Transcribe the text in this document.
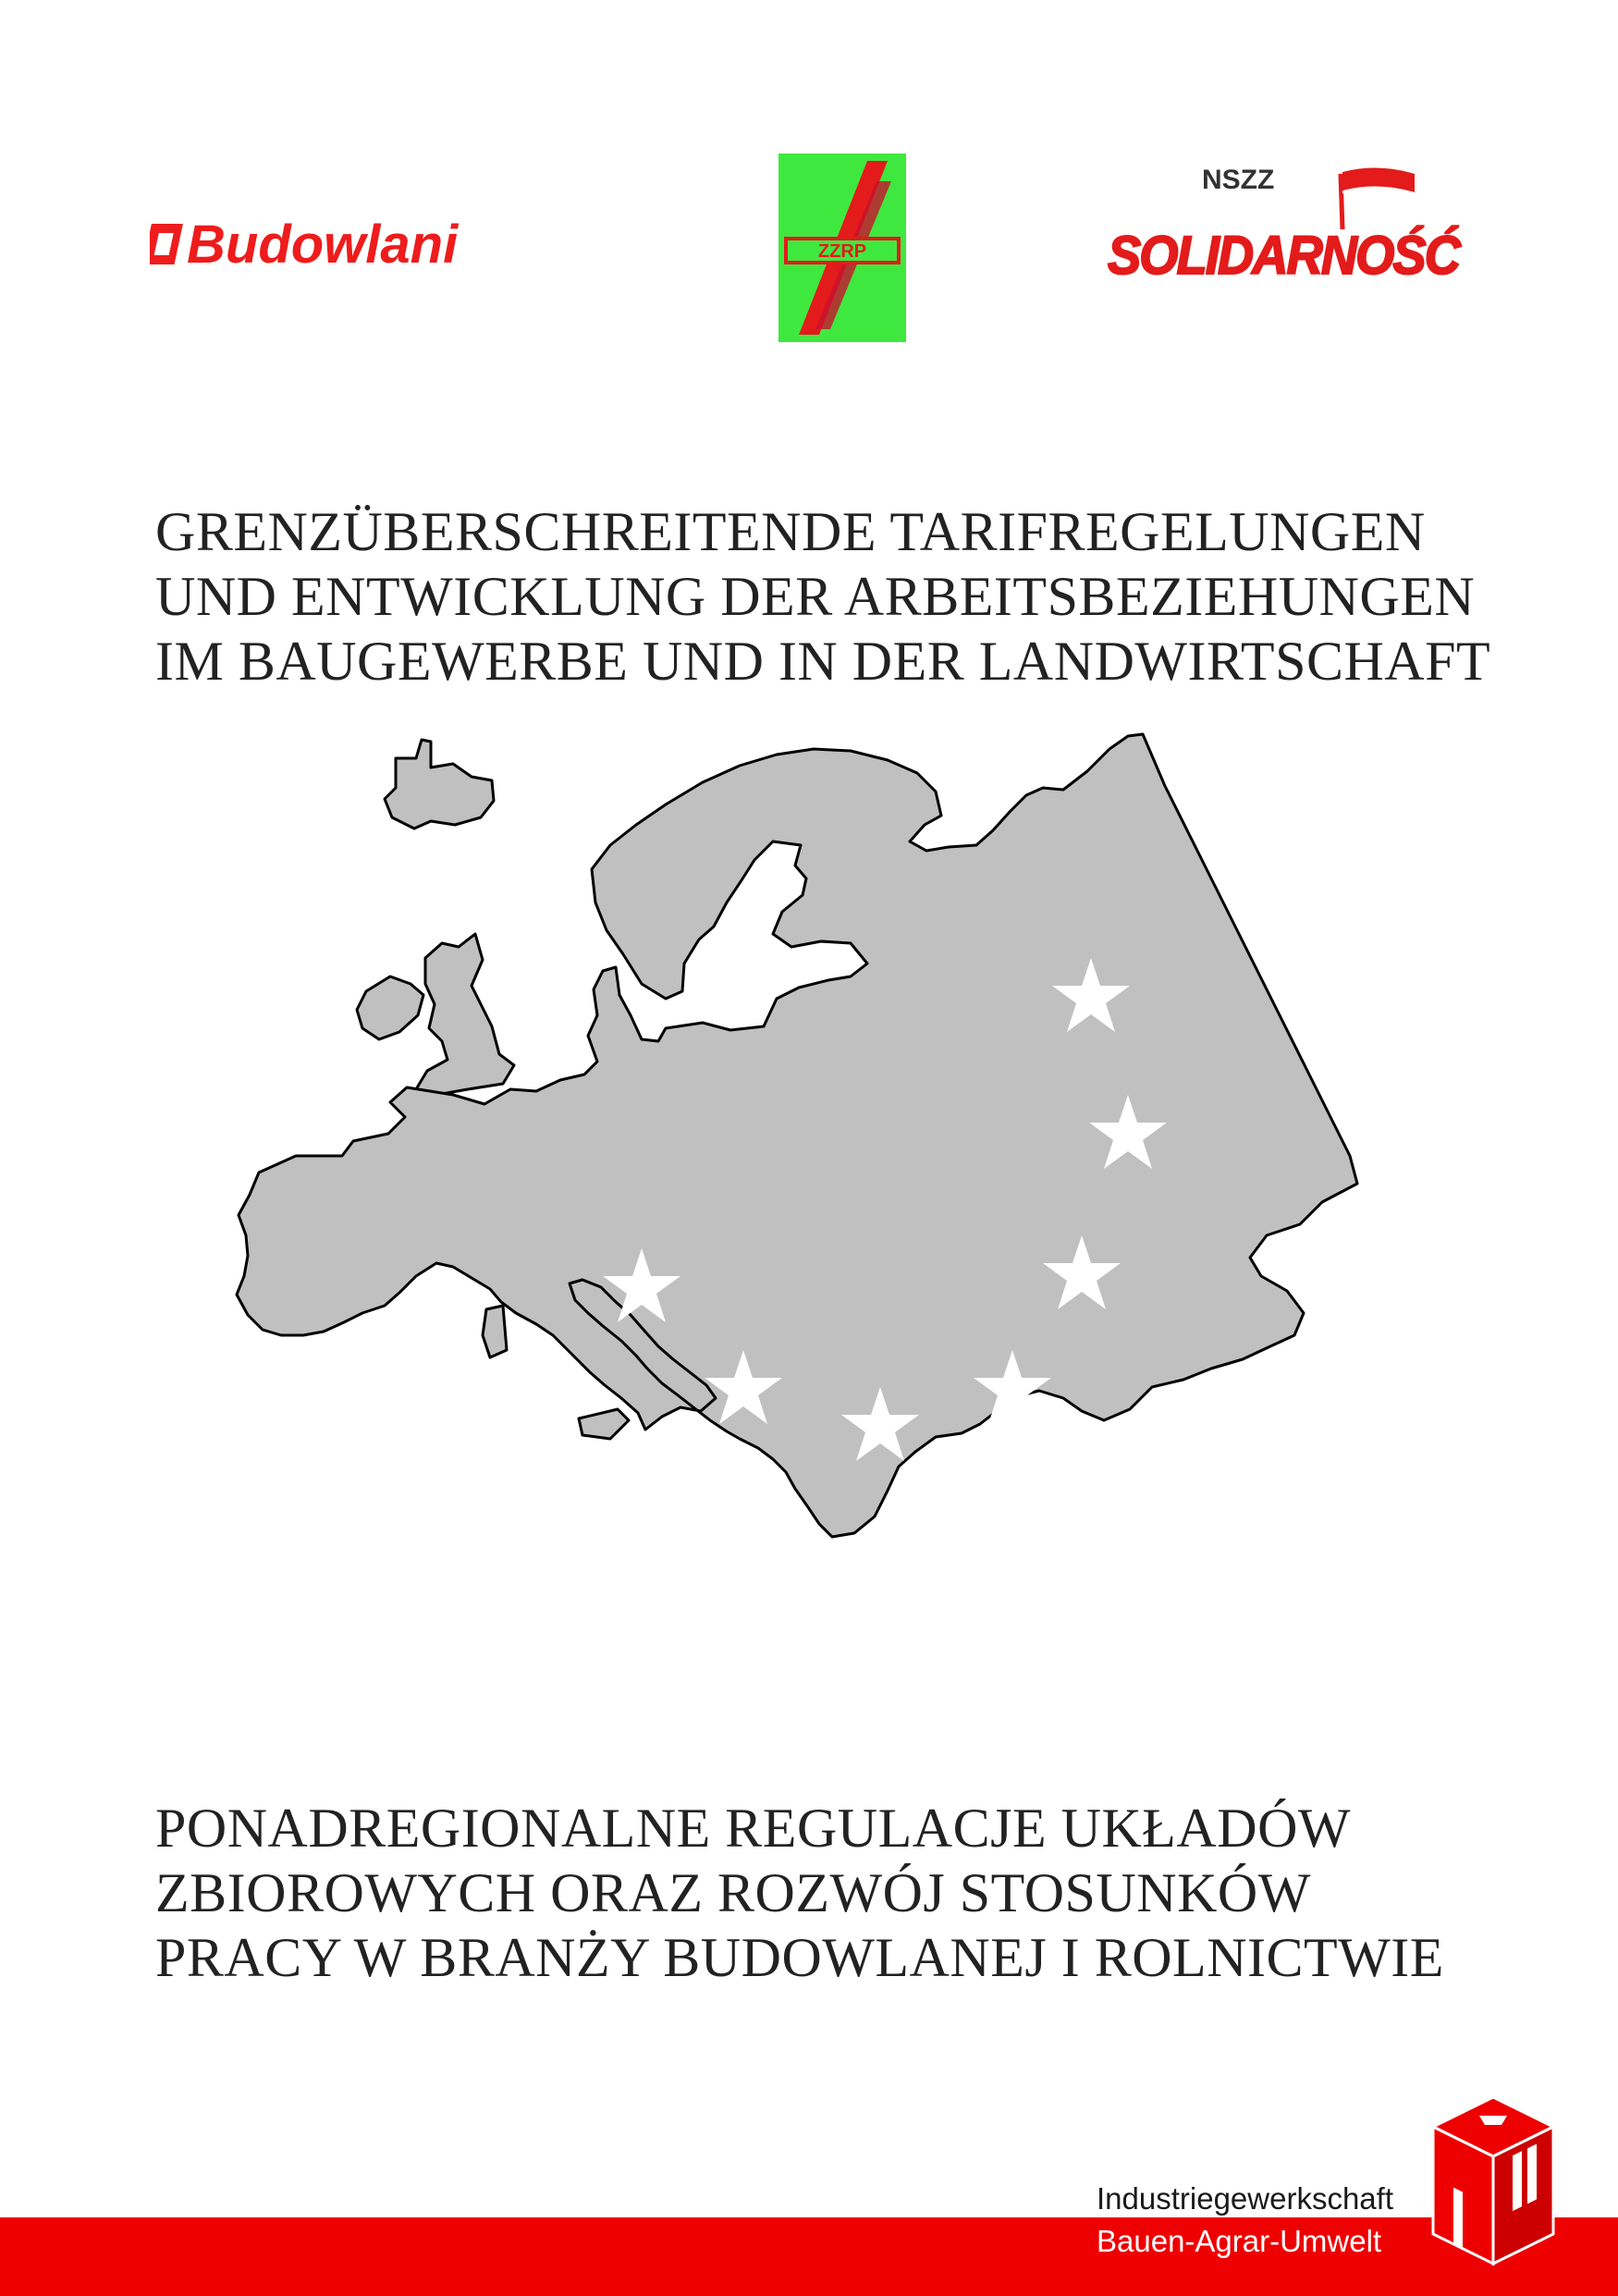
Budowlani	ZZRP
NSZZ
SOLIDARNOŚĆ
GRENZÜBERSCHREITENDE TARIFREGELUNGEN
UND ENTWICKLUNG DER ARBEITSBEZIEHUNGEN
IM BAUGEWERBE UND IN DER LANDWIRTSCHAFT
PONADREGIONALNE REGULACJE UKŁADÓW
ZBIOROWYCH ORAZ ROZWÓJ STOSUNKÓW
PRACY W BRANŻY BUDOWLANEJ I ROLNICTWIE
Industriegewerkschaft
Bauen-Agrar-Umwelt
IG BAU
